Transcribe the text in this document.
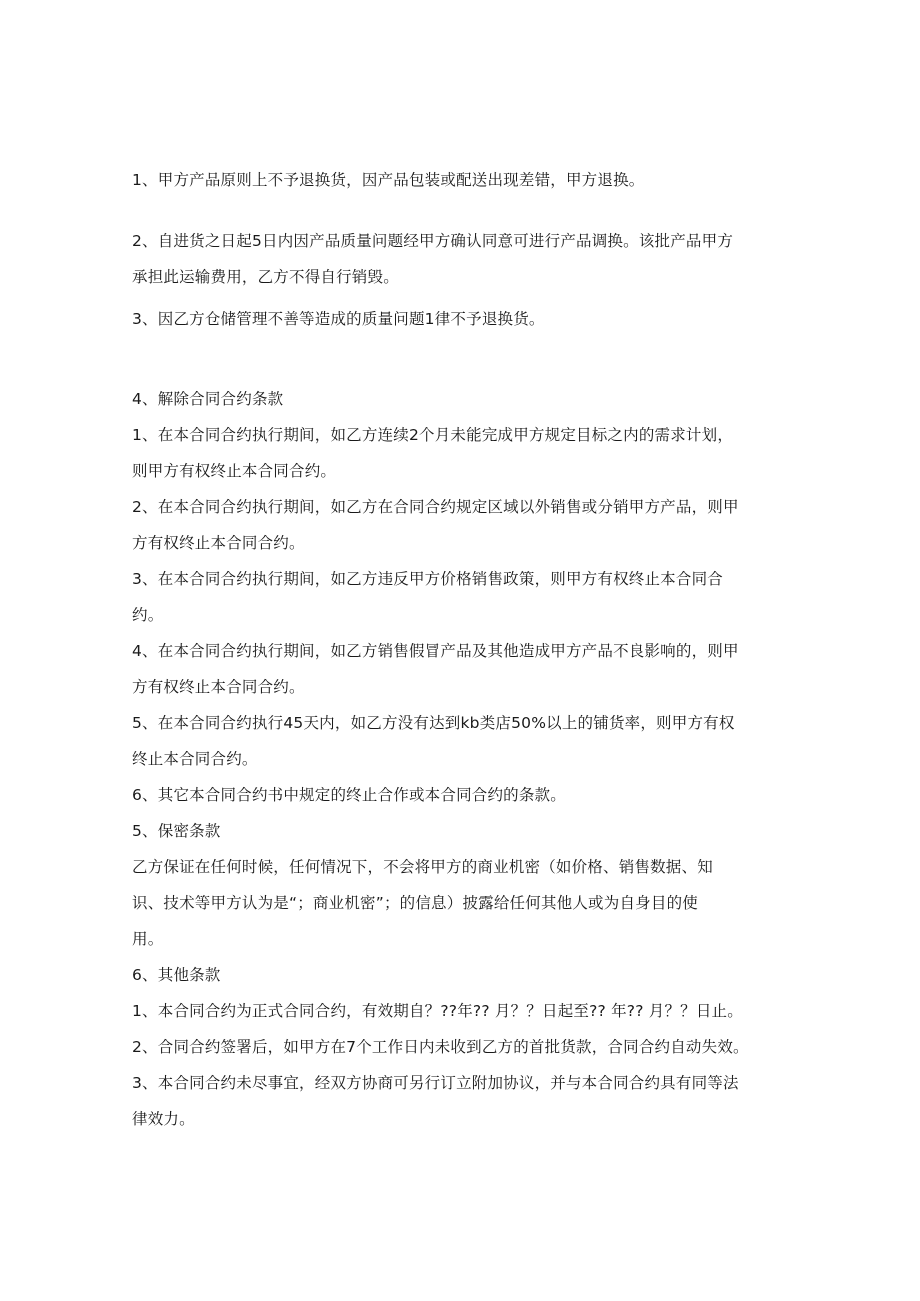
1、甲方产品原则上不予退换货，因产品包装或配送出现差错，甲方退换。
2、自进货之日起5日内因产品质量问题经甲方确认同意可进行产品调换。该批产品甲方
承担此运输费用，乙方不得自行销毁。
3、因乙方仓储管理不善等造成的质量问题1律不予退换货。
4、解除合同合约条款
1、在本合同合约执行期间，如乙方连续2个月未能完成甲方规定目标之内的需求计划，
则甲方有权终止本合同合约。
2、在本合同合约执行期间，如乙方在合同合约规定区域以外销售或分销甲方产品，则甲
方有权终止本合同合约。
3、在本合同合约执行期间，如乙方违反甲方价格销售政策，则甲方有权终止本合同合
约。
4、在本合同合约执行期间，如乙方销售假冒产品及其他造成甲方产品不良影响的，则甲
方有权终止本合同合约。
5、在本合同合约执行45天内，如乙方没有达到kb类店50%以上的铺货率，则甲方有权
终止本合同合约。
6、其它本合同合约书中规定的终止合作或本合同合约的条款。
5、保密条款
乙方保证在任何时候，任何情况下，不会将甲方的商业机密（如价格、销售数据、知
识、技术等甲方认为是“；商业机密”；的信息）披露给任何其他人或为自身目的使
用。
6、其他条款
1、本合同合约为正式合同合约，有效期自？??年?? 月？？日起至?? 年?? 月？？日止。
2、合同合约签署后，如甲方在7个工作日内未收到乙方的首批货款，合同合约自动失效。
3、本合同合约未尽事宜，经双方协商可另行订立附加协议，并与本合同合约具有同等法
律效力。
